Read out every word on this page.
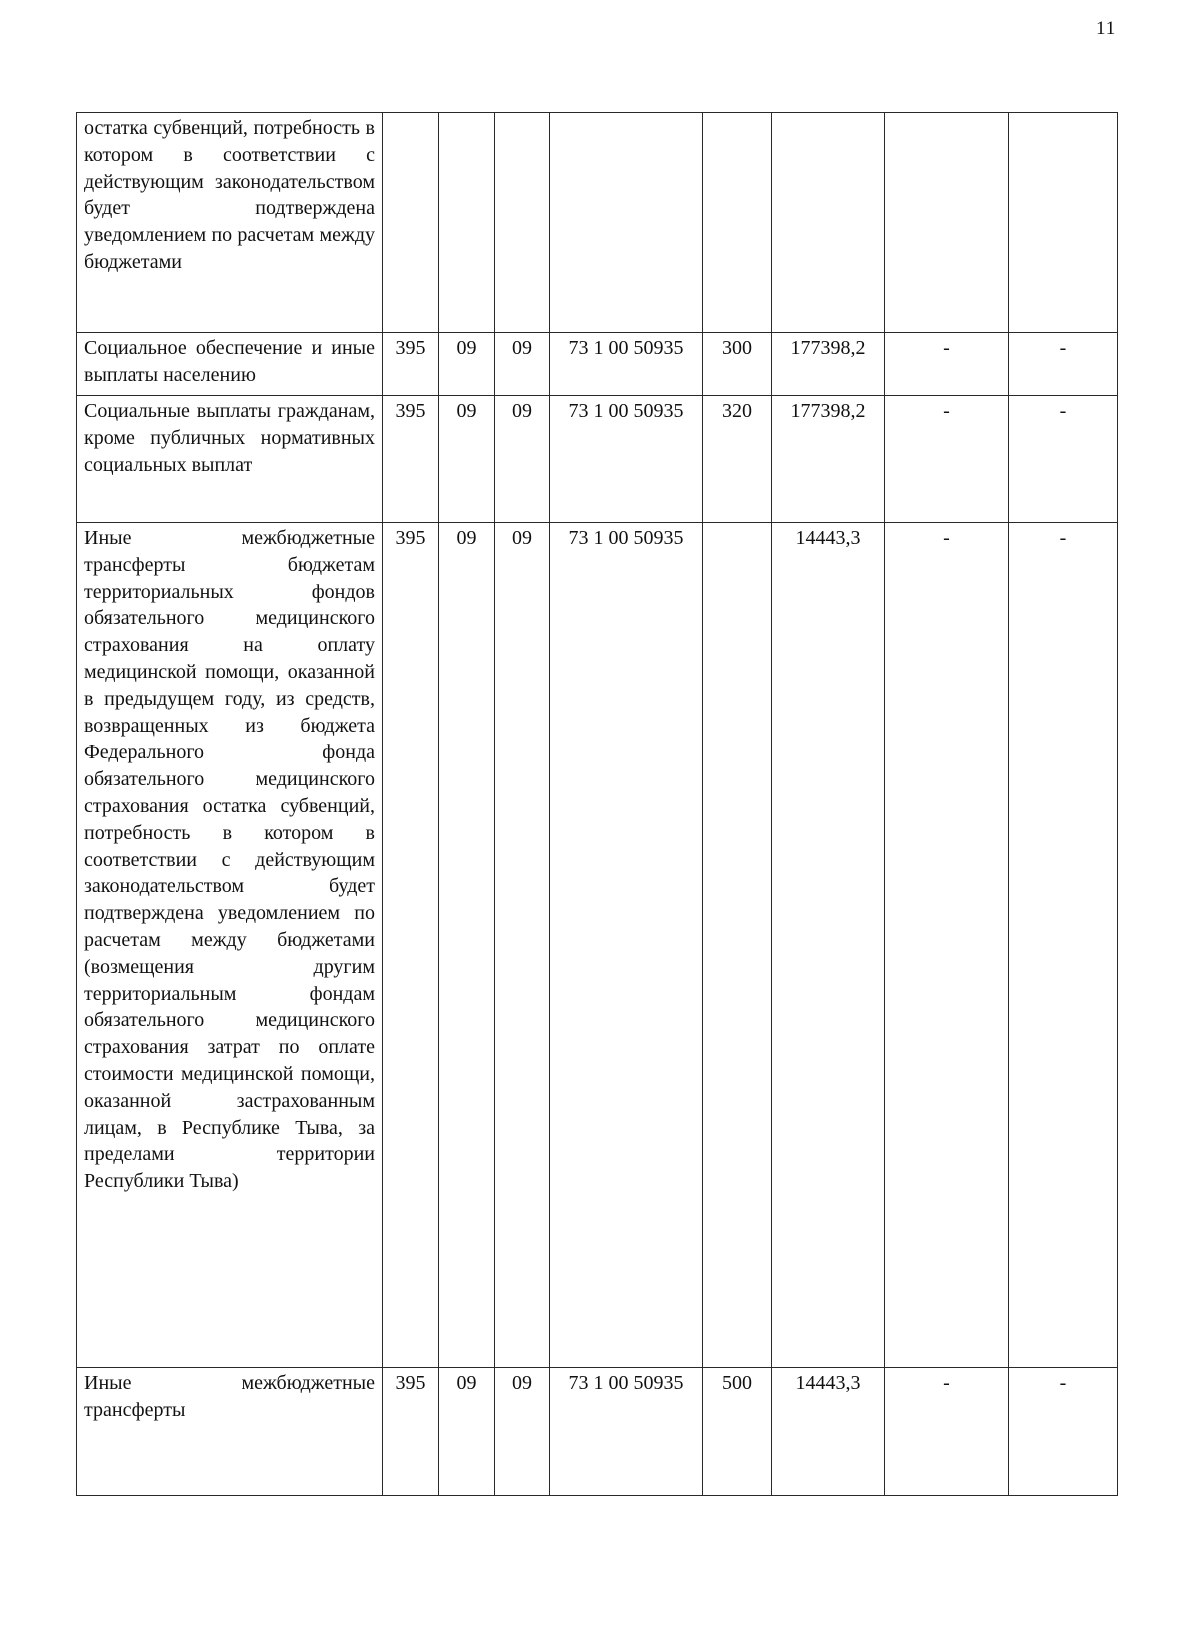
11
остатка субвенций, потребность в котором в соответствии с действующим законодательством будет подтверждена уведомлением по расчетам между бюджетами								
Социальное обеспечение и иные выплаты населению	395	09	09	73 1 00 50935	300	177398,2	-	-
Социальные выплаты гражданам, кроме публичных нормативных социальных выплат	395	09	09	73 1 00 50935	320	177398,2	-	-
Иные межбюджетные трансферты бюджетам территориальных фондов обязательного медицинского страхования на оплату медицинской помощи, оказанной в предыдущем году, из средств, возвращенных из бюджета Федерального фонда обязательного медицинского страхования остатка субвенций, потребность в котором в соответствии с действующим законодательством будет подтверждена уведомлением по расчетам между бюджетами (возмещения другим территориальным фондам обязательного медицинского страхования затрат по оплате стоимости медицинской помощи, оказанной застрахованным лицам, в Республике Тыва, за пределами территории Республики Тыва)	395	09	09	73 1 00 50935		14443,3	-	-
Иные межбюджетные трансферты	395	09	09	73 1 00 50935	500	14443,3	-	-
